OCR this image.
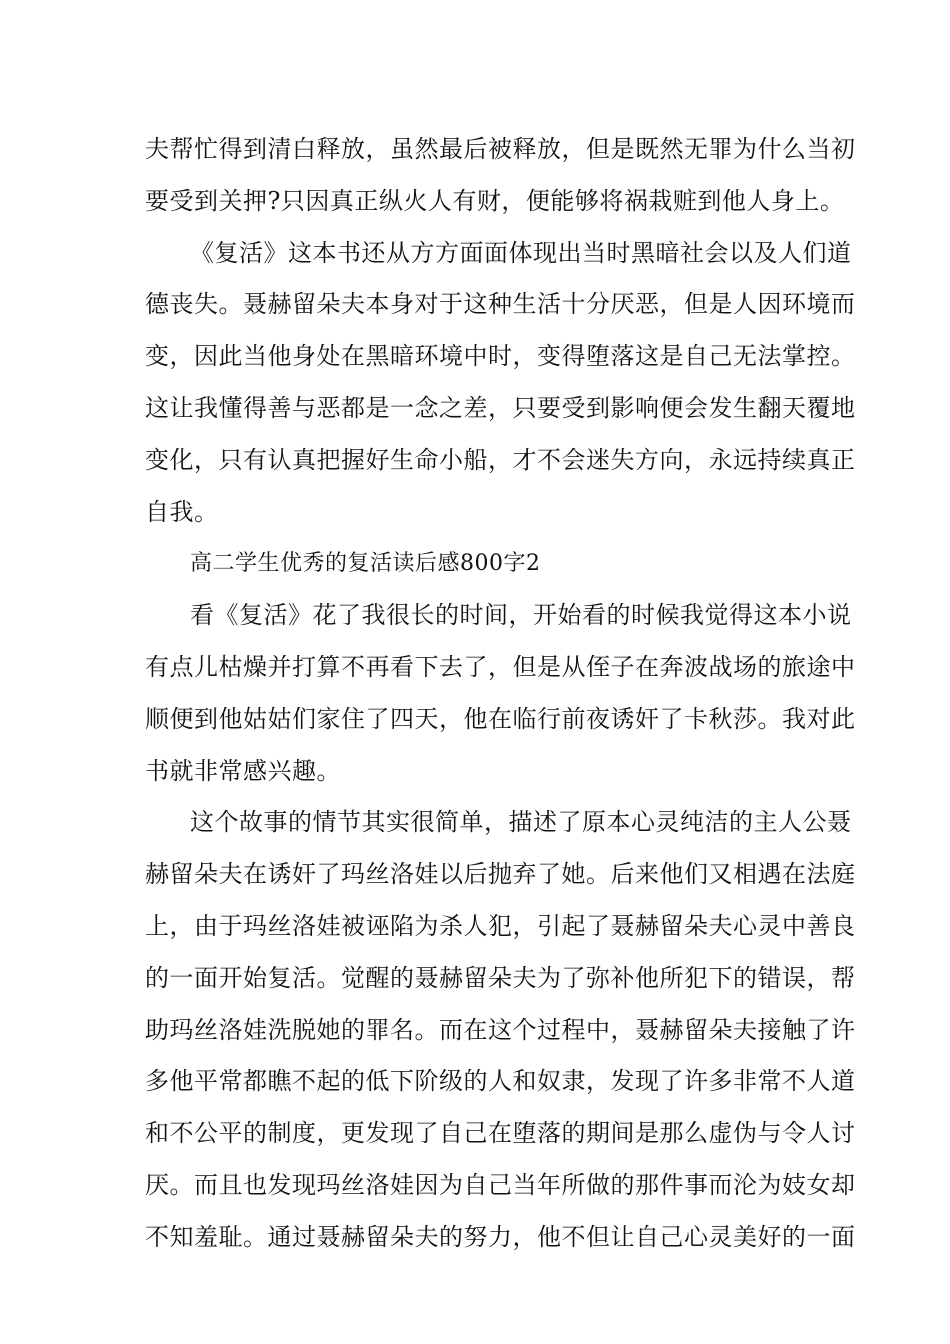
夫帮忙得到清白释放，虽然最后被释放，但是既然无罪为什么当初
要受到关押?只因真正纵火人有财，便能够将祸栽赃到他人身上。
《复活》这本书还从方方面面体现出当时黑暗社会以及人们道
德丧失。聂赫留朵夫本身对于这种生活十分厌恶，但是人因环境而
变，因此当他身处在黑暗环境中时，变得堕落这是自己无法掌控。
这让我懂得善与恶都是一念之差，只要受到影响便会发生翻天覆地
变化，只有认真把握好生命小船，才不会迷失方向，永远持续真正
自我。
高二学生优秀的复活读后感800字2
看《复活》花了我很长的时间，开始看的时候我觉得这本小说
有点儿枯燥并打算不再看下去了，但是从侄子在奔波战场的旅途中
顺便到他姑姑们家住了四天，他在临行前夜诱奸了卡秋莎。我对此
书就非常感兴趣。
这个故事的情节其实很简单，描述了原本心灵纯洁的主人公聂
赫留朵夫在诱奸了玛丝洛娃以后抛弃了她。后来他们又相遇在法庭
上，由于玛丝洛娃被诬陷为杀人犯，引起了聂赫留朵夫心灵中善良
的一面开始复活。觉醒的聂赫留朵夫为了弥补他所犯下的错误，帮
助玛丝洛娃洗脱她的罪名。而在这个过程中，聂赫留朵夫接触了许
多他平常都瞧不起的低下阶级的人和奴隶，发现了许多非常不人道
和不公平的制度，更发现了自己在堕落的期间是那么虚伪与令人讨
厌。而且也发现玛丝洛娃因为自己当年所做的那件事而沦为妓女却
不知羞耻。通过聂赫留朵夫的努力，他不但让自己心灵美好的一面
